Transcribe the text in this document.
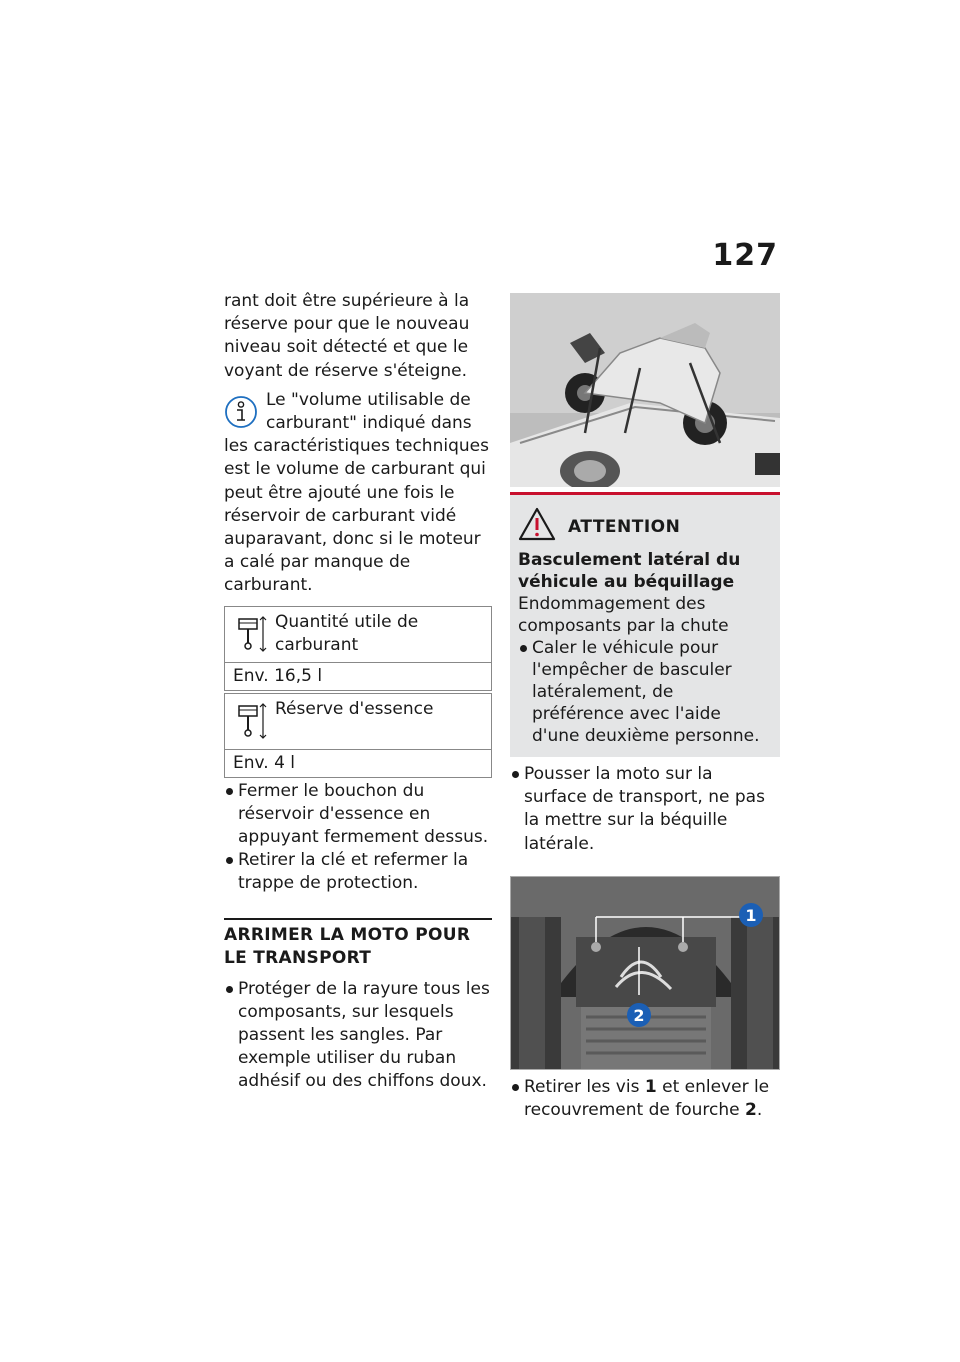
127

rant doit être supérieure à la réserve pour que le nouveau niveau soit détecté et que le voyant de réserve s'éteigne.

Le "volume utilisable de carburant" indiqué dans
les caractéristiques techniques est le volume de carburant qui peut être ajouté une fois le réservoir de carburant vidé auparavant, donc si le moteur a calé par manque de carburant.
Quantité utile de carburant
Env. 16,5 l
Réserve d'essence
Env. 4 l
Fermer le bouchon du réservoir d'essence en appuyant fermement dessus.
Retirer la clé et refermer la trappe de protection.
ARRIMER LA MOTO POUR LE TRANSPORT
Protéger de la rayure tous les composants, sur lesquels passent les sangles. Par exemple utiliser du ruban adhésif ou des chiffons doux.
ATTENTION
Basculement latéral du véhicule au béquillage
Endommagement des composants par la chute
Caler le véhicule pour l'empêcher de basculer latéralement, de préférence avec l'aide d'une deuxième personne.
Pousser la moto sur la surface de transport, ne pas la mettre sur la béquille latérale.
1
2
Retirer les vis 1 et enlever le recouvrement de fourche 2.
